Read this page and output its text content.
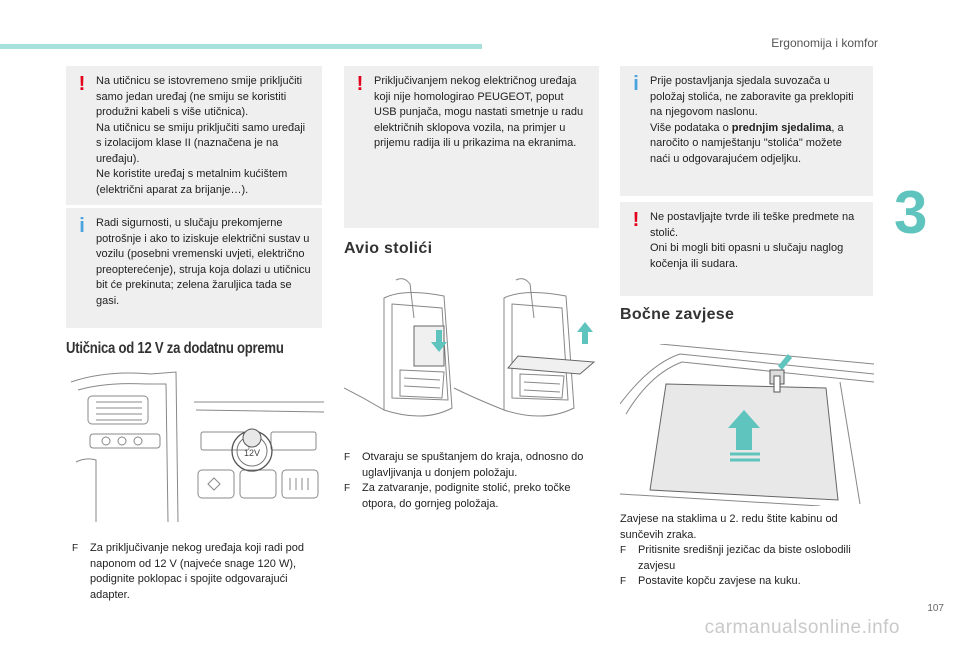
Ergonomija i komfor
3
! Na utičnicu se istovremeno smije priključiti samo jedan uređaj (ne smiju se koristiti produžni kabeli s više utičnica).
Na utičnicu se smiju priključiti samo uređaji s izolacijom klase II (naznačena je na uređaju).
Ne koristite uređaj s metalnim kućištem (električni aparat za brijanje…).
i	Radi sigurnosti, u slučaju prekomjerne potrošnje i ako to iziskuje električni sustav u vozilu (posebni vremenski uvjeti, električno preopterećenje), struja koja dolazi u utičnicu bit će prekinuta; zelena žaruljica tada se gasi.
Utičnica od 12 V za dodatnu opremu
12V
F Za priključivanje nekog uređaja koji radi pod naponom od 12 V (najveće snage 120 W), podignite poklopac i spojite odgovarajući adapter.
! Priključivanjem nekog električnog uređaja koji nije homologirao PEUGEOT, poput USB punjača, mogu nastati smetnje u radu električnih sklopova vozila, na primjer u prijemu radija ili u prikazima na ekranima.
Avio stolići
F Otvaraju se spuštanjem do kraja, odnosno do uglavljivanja u donjem položaju.
F Za zatvaranje, podignite stolić, preko točke otpora, do gornjeg položaja.
i	Prije postavljanja sjedala suvozača u položaj stolića, ne zaboravite ga preklopiti na njegovom naslonu.
Više podataka o prednjim sjedalima, a naročito o namještanju "stolića" možete naći u odgovarajućem odjeljku.
! Ne postavljajte tvrde ili teške predmete na stolić.
Oni bi mogli biti opasni u slučaju naglog kočenja ili sudara.
Bočne zavjese
Zavjese na staklima u 2. redu štite kabinu od sunčevih zraka.
F Pritisnite središnji jezičac da biste oslobodili zavjesu
F Postavite kopču zavjese na kuku.
107
carmanualsonline.info
